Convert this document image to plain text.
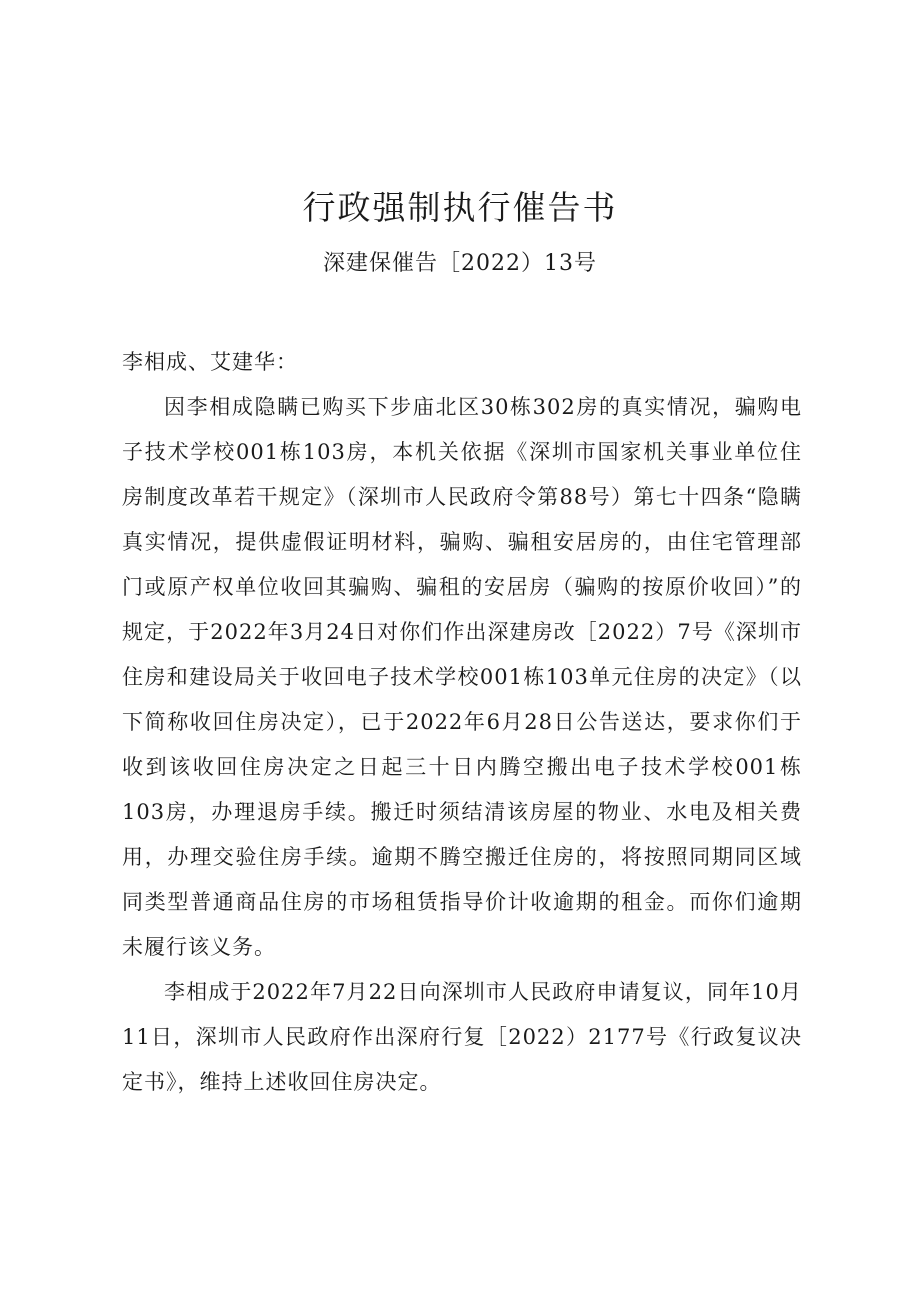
行政强制执行催告书

深建保催告［2022）13号

李相成、艾建华：

因李相成隐瞒已购买下步庙北区30栋302房的真实情况，骗购电子技术学校001栋103房，本机关依据《深圳市国家机关事业单位住房制度改革若干规定》（深圳市人民政府令第88号）第七十四条“隐瞒真实情况，提供虚假证明材料，骗购、骗租安居房的，由住宅管理部门或原产权单位收回其骗购、骗租的安居房（骗购的按原价收回）”的规定，于2022年3月24日对你们作出深建房改［2022）7号《深圳市住房和建设局关于收回电子技术学校001栋103单元住房的决定》（以下简称收回住房决定），已于2022年6月28日公告送达，要求你们于收到该收回住房决定之日起三十日内腾空搬出电子技术学校001栋103房，办理退房手续。搬迁时须结清该房屋的物业、水电及相关费用，办理交验住房手续。逾期不腾空搬迁住房的，将按照同期同区域同类型普通商品住房的市场租赁指导价计收逾期的租金。而你们逾期未履行该义务。

李相成于2022年7月22日向深圳市人民政府申请复议，同年10月11日，深圳市人民政府作出深府行复［2022）2177号《行政复议决定书》，维持上述收回住房决定。
